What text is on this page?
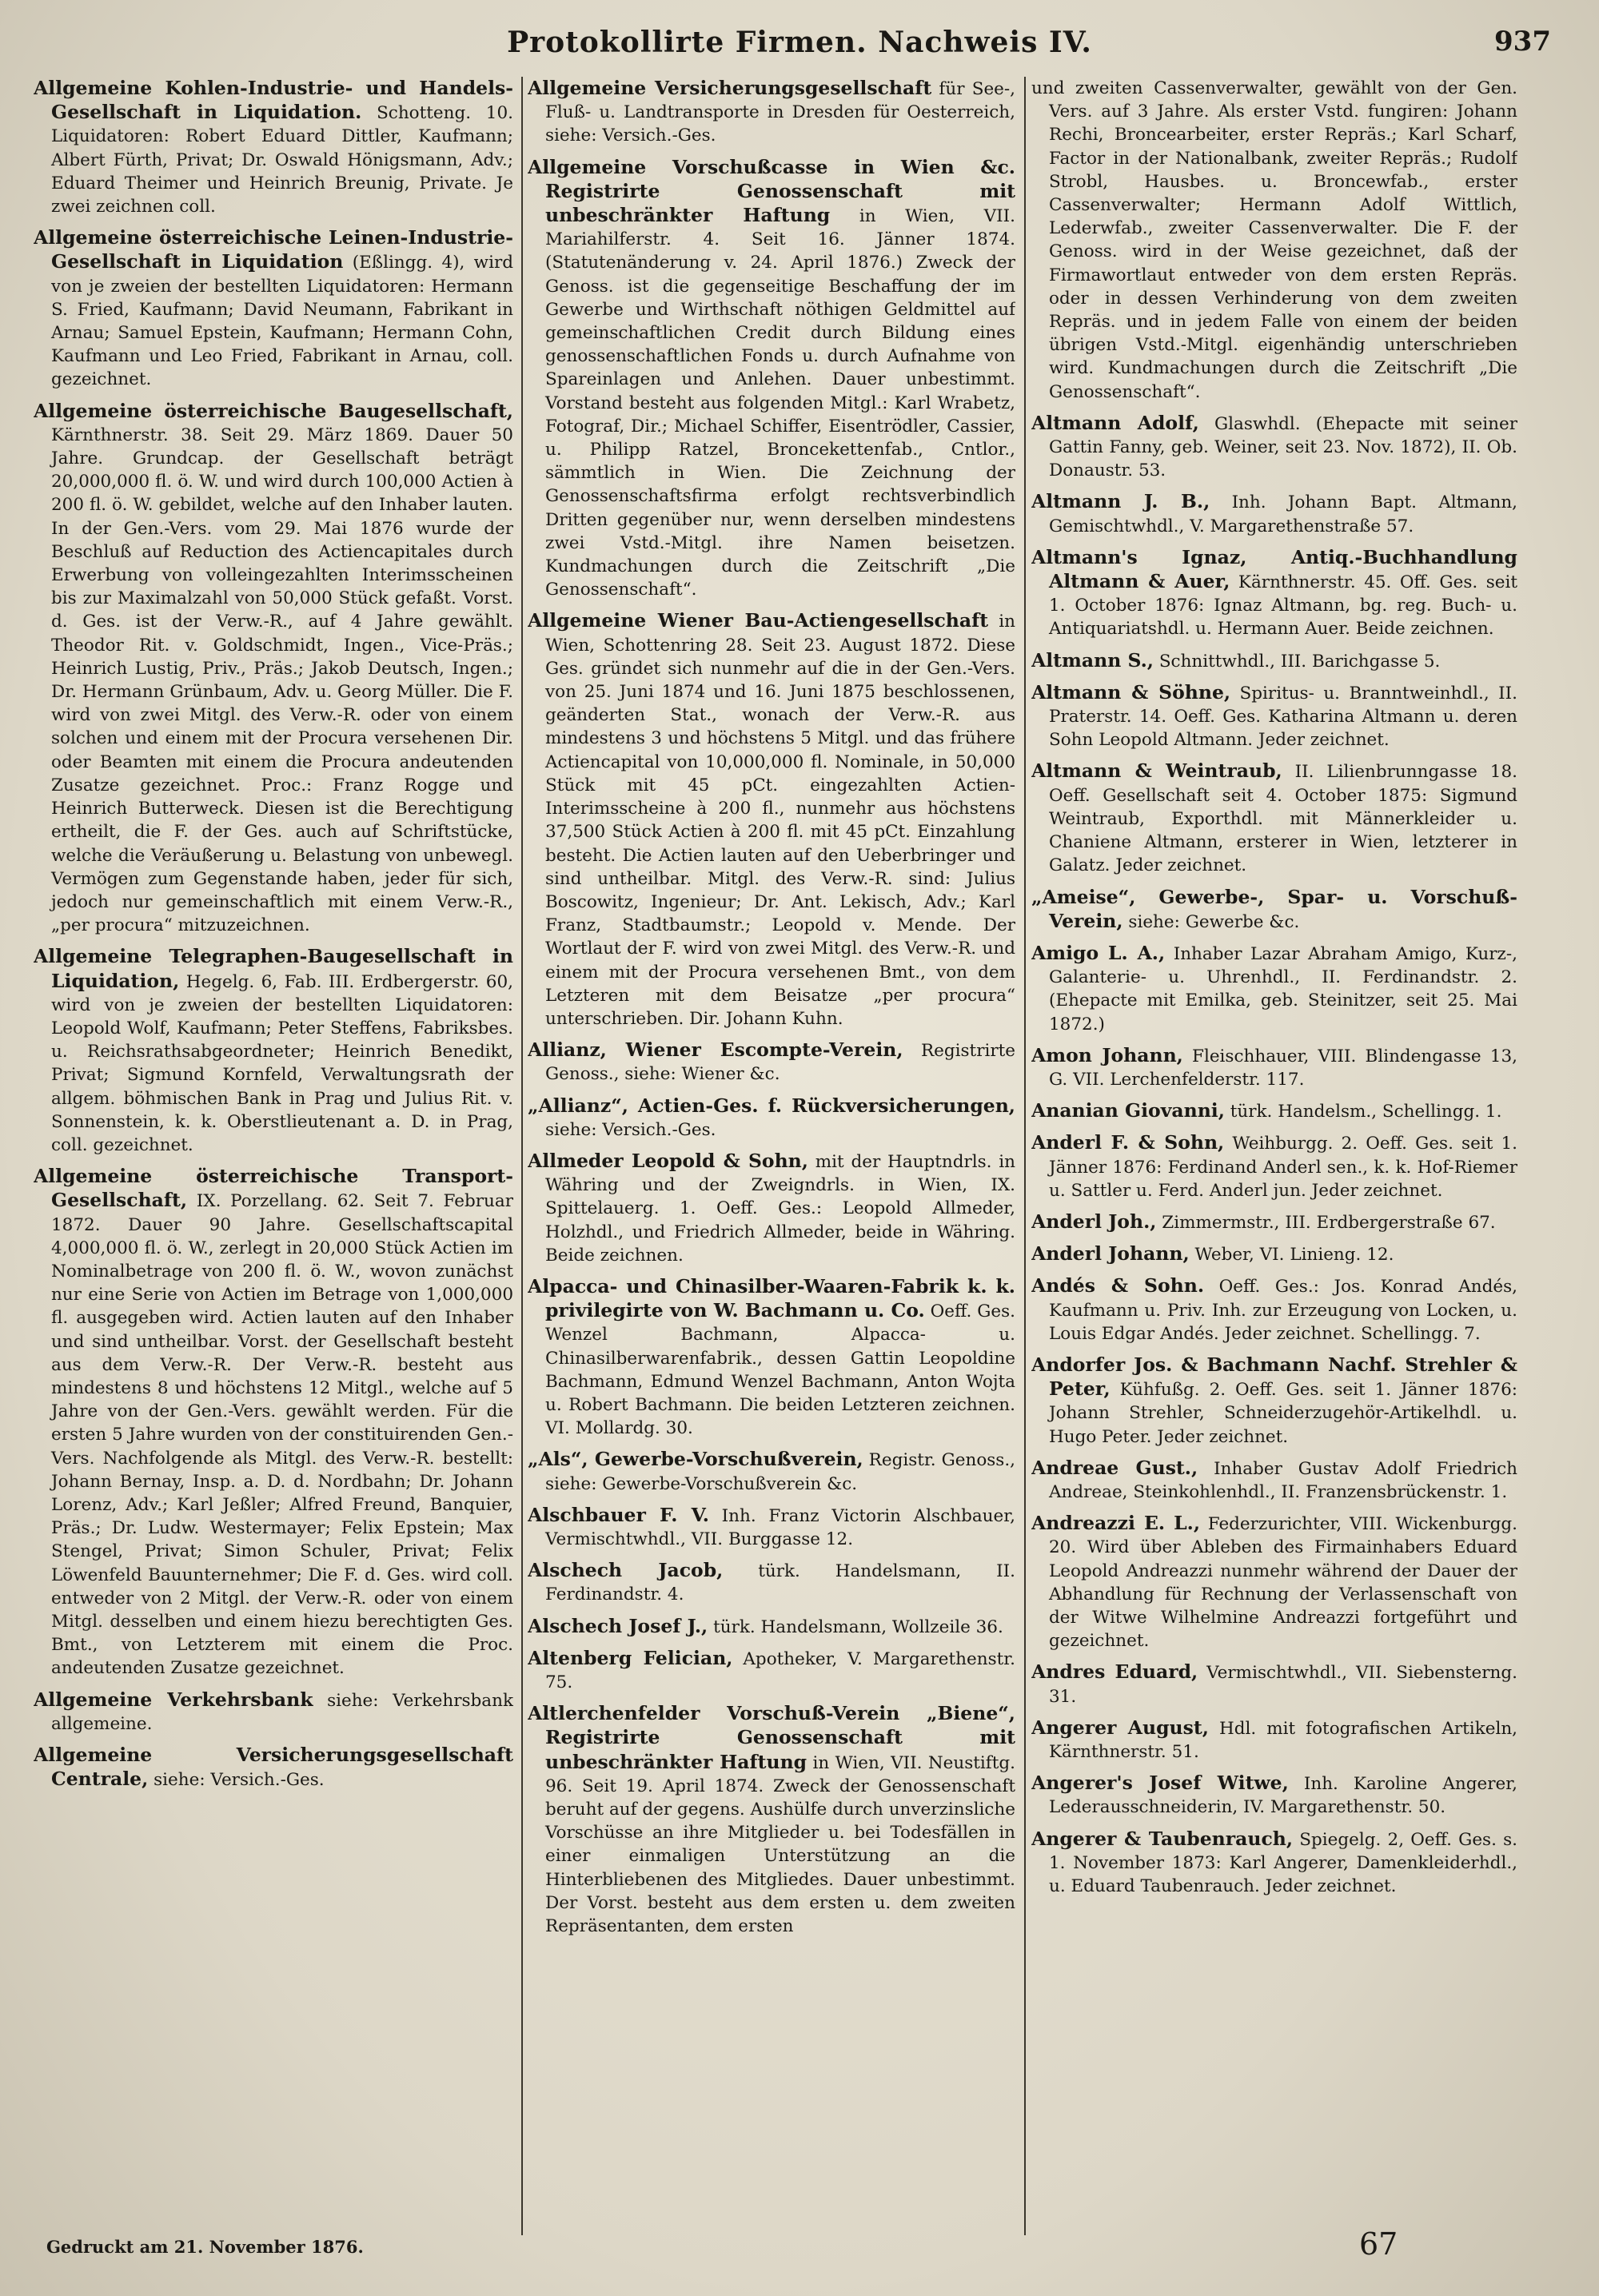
Protokollirte Firmen. Nachweis IV.	937

Allgemeine Kohlen-Industrie- und Handels-Gesellschaft in Liquidation. Schotteng. 10. Liquidatoren: Robert Eduard Dittler, Kaufmann; Albert Fürth, Privat; Dr. Oswald Hönigsmann, Adv.; Eduard Theimer und Heinrich Breunig, Private. Je zwei zeichnen coll.

Allgemeine österreichische Leinen-Industrie-Gesellschaft in Liquidation (Eßlingg. 4), wird von je zweien der bestellten Liquidatoren: Hermann S. Fried, Kaufmann; David Neumann, Fabrikant in Arnau; Samuel Epstein, Kaufmann; Hermann Cohn, Kaufmann und Leo Fried, Fabrikant in Arnau, coll. gezeichnet.

Allgemeine österreichische Baugesellschaft, Kärnthnerstr. 38. Seit 29. März 1869. Dauer 50 Jahre. Grundcap. der Gesellschaft beträgt 20,000,000 fl. ö. W. und wird durch 100,000 Actien à 200 fl. ö. W. gebildet, welche auf den Inhaber lauten. In der Gen.-Vers. vom 29. Mai 1876 wurde der Beschluß auf Reduction des Actiencapitales durch Erwerbung von volleingezahlten Interimsscheinen bis zur Maximalzahl von 50,000 Stück gefaßt. Vorst. d. Ges. ist der Verw.-R., auf 4 Jahre gewählt. Theodor Rit. v. Goldschmidt, Ingen., Vice-Präs.; Heinrich Lustig, Priv., Präs.; Jakob Deutsch, Ingen.; Dr. Hermann Grünbaum, Adv. u. Georg Müller. Die F. wird von zwei Mitgl. des Verw.-R. oder von einem solchen und einem mit der Procura versehenen Dir. oder Beamten mit einem die Procura andeutenden Zusatze gezeichnet. Proc.: Franz Rogge und Heinrich Butterweck. Diesen ist die Berechtigung ertheilt, die F. der Ges. auch auf Schriftstücke, welche die Veräußerung u. Belastung von unbewegl. Vermögen zum Gegenstande haben, jeder für sich, jedoch nur gemeinschaftlich mit einem Verw.-R., „per procura“ mitzuzeichnen.

Allgemeine Telegraphen-Baugesellschaft in Liquidation, Hegelg. 6, Fab. III. Erdbergerstr. 60, wird von je zweien der bestellten Liquidatoren: Leopold Wolf, Kaufmann; Peter Steffens, Fabriksbes. u. Reichsrathsabgeordneter; Heinrich Benedikt, Privat; Sigmund Kornfeld, Verwaltungsrath der allgem. böhmischen Bank in Prag und Julius Rit. v. Sonnenstein, k. k. Oberstlieutenant a. D. in Prag, coll. gezeichnet.

Allgemeine österreichische Transport-Gesellschaft, IX. Porzellang. 62. Seit 7. Februar 1872. Dauer 90 Jahre. Gesellschaftscapital 4,000,000 fl. ö. W., zerlegt in 20,000 Stück Actien im Nominalbetrage von 200 fl. ö. W., wovon zunächst nur eine Serie von Actien im Betrage von 1,000,000 fl. ausgegeben wird. Actien lauten auf den Inhaber und sind untheilbar. Vorst. der Gesellschaft besteht aus dem Verw.-R. Der Verw.-R. besteht aus mindestens 8 und höchstens 12 Mitgl., welche auf 5 Jahre von der Gen.-Vers. gewählt werden. Für die ersten 5 Jahre wurden von der constituirenden Gen.-Vers. Nachfolgende als Mitgl. des Verw.-R. bestellt: Johann Bernay, Insp. a. D. d. Nordbahn; Dr. Johann Lorenz, Adv.; Karl Jeßler; Alfred Freund, Banquier, Präs.; Dr. Ludw. Westermayer; Felix Epstein; Max Stengel, Privat; Simon Schuler, Privat; Felix Löwenfeld Bauunternehmer; Die F. d. Ges. wird coll. entweder von 2 Mitgl. der Verw.-R. oder von einem Mitgl. desselben und einem hiezu berechtigten Ges. Bmt., von Letzterem mit einem die Proc. andeutenden Zusatze gezeichnet.

Allgemeine Verkehrsbank siehe: Verkehrsbank allgemeine.

Allgemeine Versicherungsgesellschaft Centrale, siehe: Versich.-Ges.

Allgemeine Versicherungsgesellschaft für See-, Fluß- u. Landtransporte in Dresden für Oesterreich, siehe: Versich.-Ges.

Allgemeine Vorschußcasse in Wien &c. Registrirte Genossenschaft mit unbeschränkter Haftung in Wien, VII. Mariahilferstr. 4. Seit 16. Jänner 1874. (Statutenänderung v. 24. April 1876.) Zweck der Genoss. ist die gegenseitige Beschaffung der im Gewerbe und Wirthschaft nöthigen Geldmittel auf gemeinschaftlichen Credit durch Bildung eines genossenschaftlichen Fonds u. durch Aufnahme von Spareinlagen und Anlehen. Dauer unbestimmt. Vorstand besteht aus folgenden Mitgl.: Karl Wrabetz, Fotograf, Dir.; Michael Schiffer, Eisentrödler, Cassier, u. Philipp Ratzel, Broncekettenfab., Cntlor., sämmtlich in Wien. Die Zeichnung der Genossenschaftsfirma erfolgt rechtsverbindlich Dritten gegenüber nur, wenn derselben mindestens zwei Vstd.-Mitgl. ihre Namen beisetzen. Kundmachungen durch die Zeitschrift „Die Genossenschaft“.

Allgemeine Wiener Bau-Actiengesellschaft in Wien, Schottenring 28. Seit 23. August 1872. Diese Ges. gründet sich nunmehr auf die in der Gen.-Vers. von 25. Juni 1874 und 16. Juni 1875 beschlossenen, geänderten Stat., wonach der Verw.-R. aus mindestens 3 und höchstens 5 Mitgl. und das frühere Actiencapital von 10,000,000 fl. Nominale, in 50,000 Stück mit 45 pCt. eingezahlten Actien-Interimsscheine à 200 fl., nunmehr aus höchstens 37,500 Stück Actien à 200 fl. mit 45 pCt. Einzahlung besteht. Die Actien lauten auf den Ueberbringer und sind untheilbar. Mitgl. des Verw.-R. sind: Julius Boscowitz, Ingenieur; Dr. Ant. Lekisch, Adv.; Karl Franz, Stadtbaumstr.; Leopold v. Mende. Der Wortlaut der F. wird von zwei Mitgl. des Verw.-R. und einem mit der Procura versehenen Bmt., von dem Letzteren mit dem Beisatze „per procura“ unterschrieben. Dir. Johann Kuhn.

Allianz, Wiener Escompte-Verein, Registrirte Genoss., siehe: Wiener &c.

„Allianz“, Actien-Ges. f. Rückversicherungen, siehe: Versich.-Ges.

Allmeder Leopold & Sohn, mit der Hauptndrls. in Währing und der Zweigndrls. in Wien, IX. Spittelauerg. 1. Oeff. Ges.: Leopold Allmeder, Holzhdl., und Friedrich Allmeder, beide in Währing. Beide zeichnen.

Alpacca- und Chinasilber-Waaren-Fabrik k. k. privilegirte von W. Bachmann u. Co. Oeff. Ges. Wenzel Bachmann, Alpacca- u. Chinasilberwarenfabrik., dessen Gattin Leopoldine Bachmann, Edmund Wenzel Bachmann, Anton Wojta u. Robert Bachmann. Die beiden Letzteren zeichnen. VI. Mollardg. 30.

„Als“, Gewerbe-Vorschußverein, Registr. Genoss., siehe: Gewerbe-Vorschußverein &c.

Alschbauer F. V. Inh. Franz Victorin Alschbauer, Vermischtwhdl., VII. Burggasse 12.

Alschech Jacob, türk. Handelsmann, II. Ferdinandstr. 4.

Alschech Josef J., türk. Handelsmann, Wollzeile 36.

Altenberg Felician, Apotheker, V. Margarethenstr. 75.

Altlerchenfelder Vorschuß-Verein „Biene“, Registrirte Genossenschaft mit unbeschränkter Haftung in Wien, VII. Neustiftg. 96. Seit 19. April 1874. Zweck der Genossenschaft beruht auf der gegens. Aushülfe durch unverzinsliche Vorschüsse an ihre Mitglieder u. bei Todesfällen in einer einmaligen Unterstützung an die Hinterbliebenen des Mitgliedes. Dauer unbestimmt. Der Vorst. besteht aus dem ersten u. dem zweiten Repräsentanten, dem ersten

und zweiten Cassenverwalter, gewählt von der Gen. Vers. auf 3 Jahre. Als erster Vstd. fungiren: Johann Rechi, Broncearbeiter, erster Repräs.; Karl Scharf, Factor in der Nationalbank, zweiter Repräs.; Rudolf Strobl, Hausbes. u. Broncewfab., erster Cassenverwalter; Hermann Adolf Wittlich, Lederwfab., zweiter Cassenverwalter. Die F. der Genoss. wird in der Weise gezeichnet, daß der Firmawortlaut entweder von dem ersten Repräs. oder in dessen Verhinderung von dem zweiten Repräs. und in jedem Falle von einem der beiden übrigen Vstd.-Mitgl. eigenhändig unterschrieben wird. Kundmachungen durch die Zeitschrift „Die Genossenschaft“.

Altmann Adolf, Glaswhdl. (Ehepacte mit seiner Gattin Fanny, geb. Weiner, seit 23. Nov. 1872), II. Ob. Donaustr. 53.

Altmann J. B., Inh. Johann Bapt. Altmann, Gemischtwhdl., V. Margarethenstraße 57.

Altmann's Ignaz, Antiq.-Buchhandlung Altmann & Auer, Kärnthnerstr. 45. Off. Ges. seit 1. October 1876: Ignaz Altmann, bg. reg. Buch- u. Antiquariatshdl. u. Hermann Auer. Beide zeichnen.

Altmann S., Schnittwhdl., III. Barichgasse 5.

Altmann & Söhne, Spiritus- u. Branntweinhdl., II. Praterstr. 14. Oeff. Ges. Katharina Altmann u. deren Sohn Leopold Altmann. Jeder zeichnet.

Altmann & Weintraub, II. Lilienbrunngasse 18. Oeff. Gesellschaft seit 4. October 1875: Sigmund Weintraub, Exporthdl. mit Männerkleider u. Chaniene Altmann, ersterer in Wien, letzterer in Galatz. Jeder zeichnet.

„Ameise“, Gewerbe-, Spar- u. Vorschuß-Verein, siehe: Gewerbe &c.

Amigo L. A., Inhaber Lazar Abraham Amigo, Kurz-, Galanterie- u. Uhrenhdl., II. Ferdinandstr. 2. (Ehepacte mit Emilka, geb. Steinitzer, seit 25. Mai 1872.)

Amon Johann, Fleischhauer, VIII. Blindengasse 13, G. VII. Lerchenfelderstr. 117.

Ananian Giovanni, türk. Handelsm., Schellingg. 1.

Anderl F. & Sohn, Weihburgg. 2. Oeff. Ges. seit 1. Jänner 1876: Ferdinand Anderl sen., k. k. Hof-Riemer u. Sattler u. Ferd. Anderl jun. Jeder zeichnet.

Anderl Joh., Zimmermstr., III. Erdbergerstraße 67.

Anderl Johann, Weber, VI. Linieng. 12.

Andés & Sohn. Oeff. Ges.: Jos. Konrad Andés, Kaufmann u. Priv. Inh. zur Erzeugung von Locken, u. Louis Edgar Andés. Jeder zeichnet. Schellingg. 7.

Andorfer Jos. & Bachmann Nachf. Strehler & Peter, Kühfußg. 2. Oeff. Ges. seit 1. Jänner 1876: Johann Strehler, Schneiderzugehör-Artikelhdl. u. Hugo Peter. Jeder zeichnet.

Andreae Gust., Inhaber Gustav Adolf Friedrich Andreae, Steinkohlenhdl., II. Franzensbrückenstr. 1.

Andreazzi E. L., Federzurichter, VIII. Wickenburgg. 20. Wird über Ableben des Firmainhabers Eduard Leopold Andreazzi nunmehr während der Dauer der Abhandlung für Rechnung der Verlassenschaft von der Witwe Wilhelmine Andreazzi fortgeführt und gezeichnet.

Andres Eduard, Vermischtwhdl., VII. Siebensterng. 31.

Angerer August, Hdl. mit fotografischen Artikeln, Kärnthnerstr. 51.

Angerer's Josef Witwe, Inh. Karoline Angerer, Lederausschneiderin, IV. Margarethenstr. 50.

Angerer & Taubenrauch, Spiegelg. 2, Oeff. Ges. s. 1. November 1873: Karl Angerer, Damenkleiderhdl., u. Eduard Taubenrauch. Jeder zeichnet.

Gedruckt am 21. November 1876.	67
